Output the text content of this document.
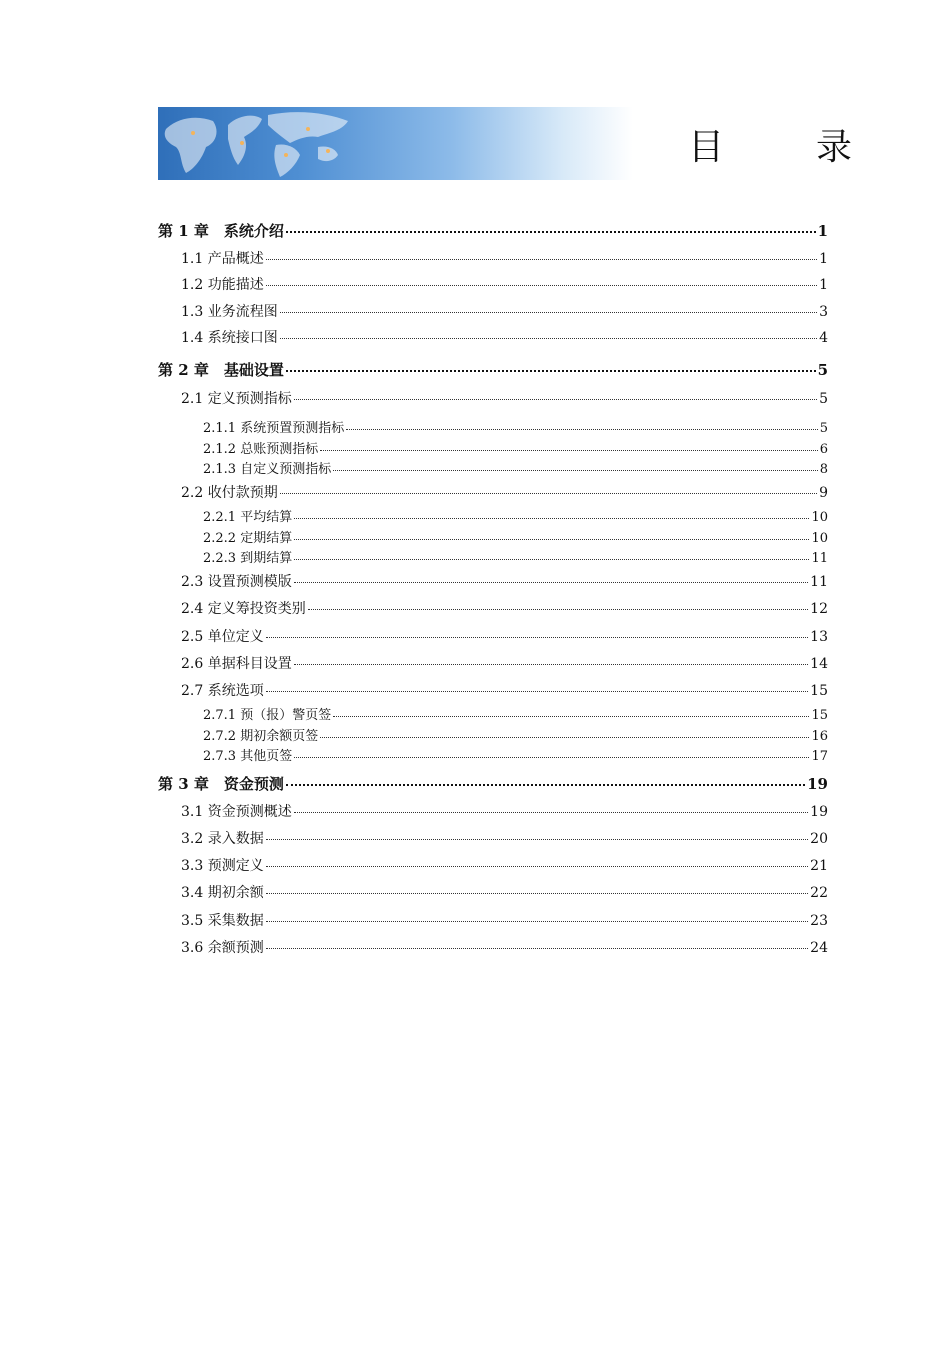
目　录
第 1 章　系统介绍	1
1.1 产品概述	1
1.2 功能描述	1
1.3 业务流程图	3
1.4 系统接口图	4
第 2 章　基础设置	5
2.1 定义预测指标	5
2.1.1 系统预置预测指标	5
2.1.2 总账预测指标	6
2.1.3 自定义预测指标	8
2.2 收付款预期	9
2.2.1 平均结算	10
2.2.2 定期结算	10
2.2.3 到期结算	11
2.3 设置预测模版	11
2.4 定义筹投资类别	12
2.5 单位定义	13
2.6 单据科目设置	14
2.7 系统选项	15
2.7.1 预（报）警页签	15
2.7.2 期初余额页签	16
2.7.3 其他页签	17
第 3 章　资金预测	19
3.1 资金预测概述	19
3.2 录入数据	20
3.3 预测定义	21
3.4 期初余额	22
3.5 采集数据	23
3.6 余额预测	24
